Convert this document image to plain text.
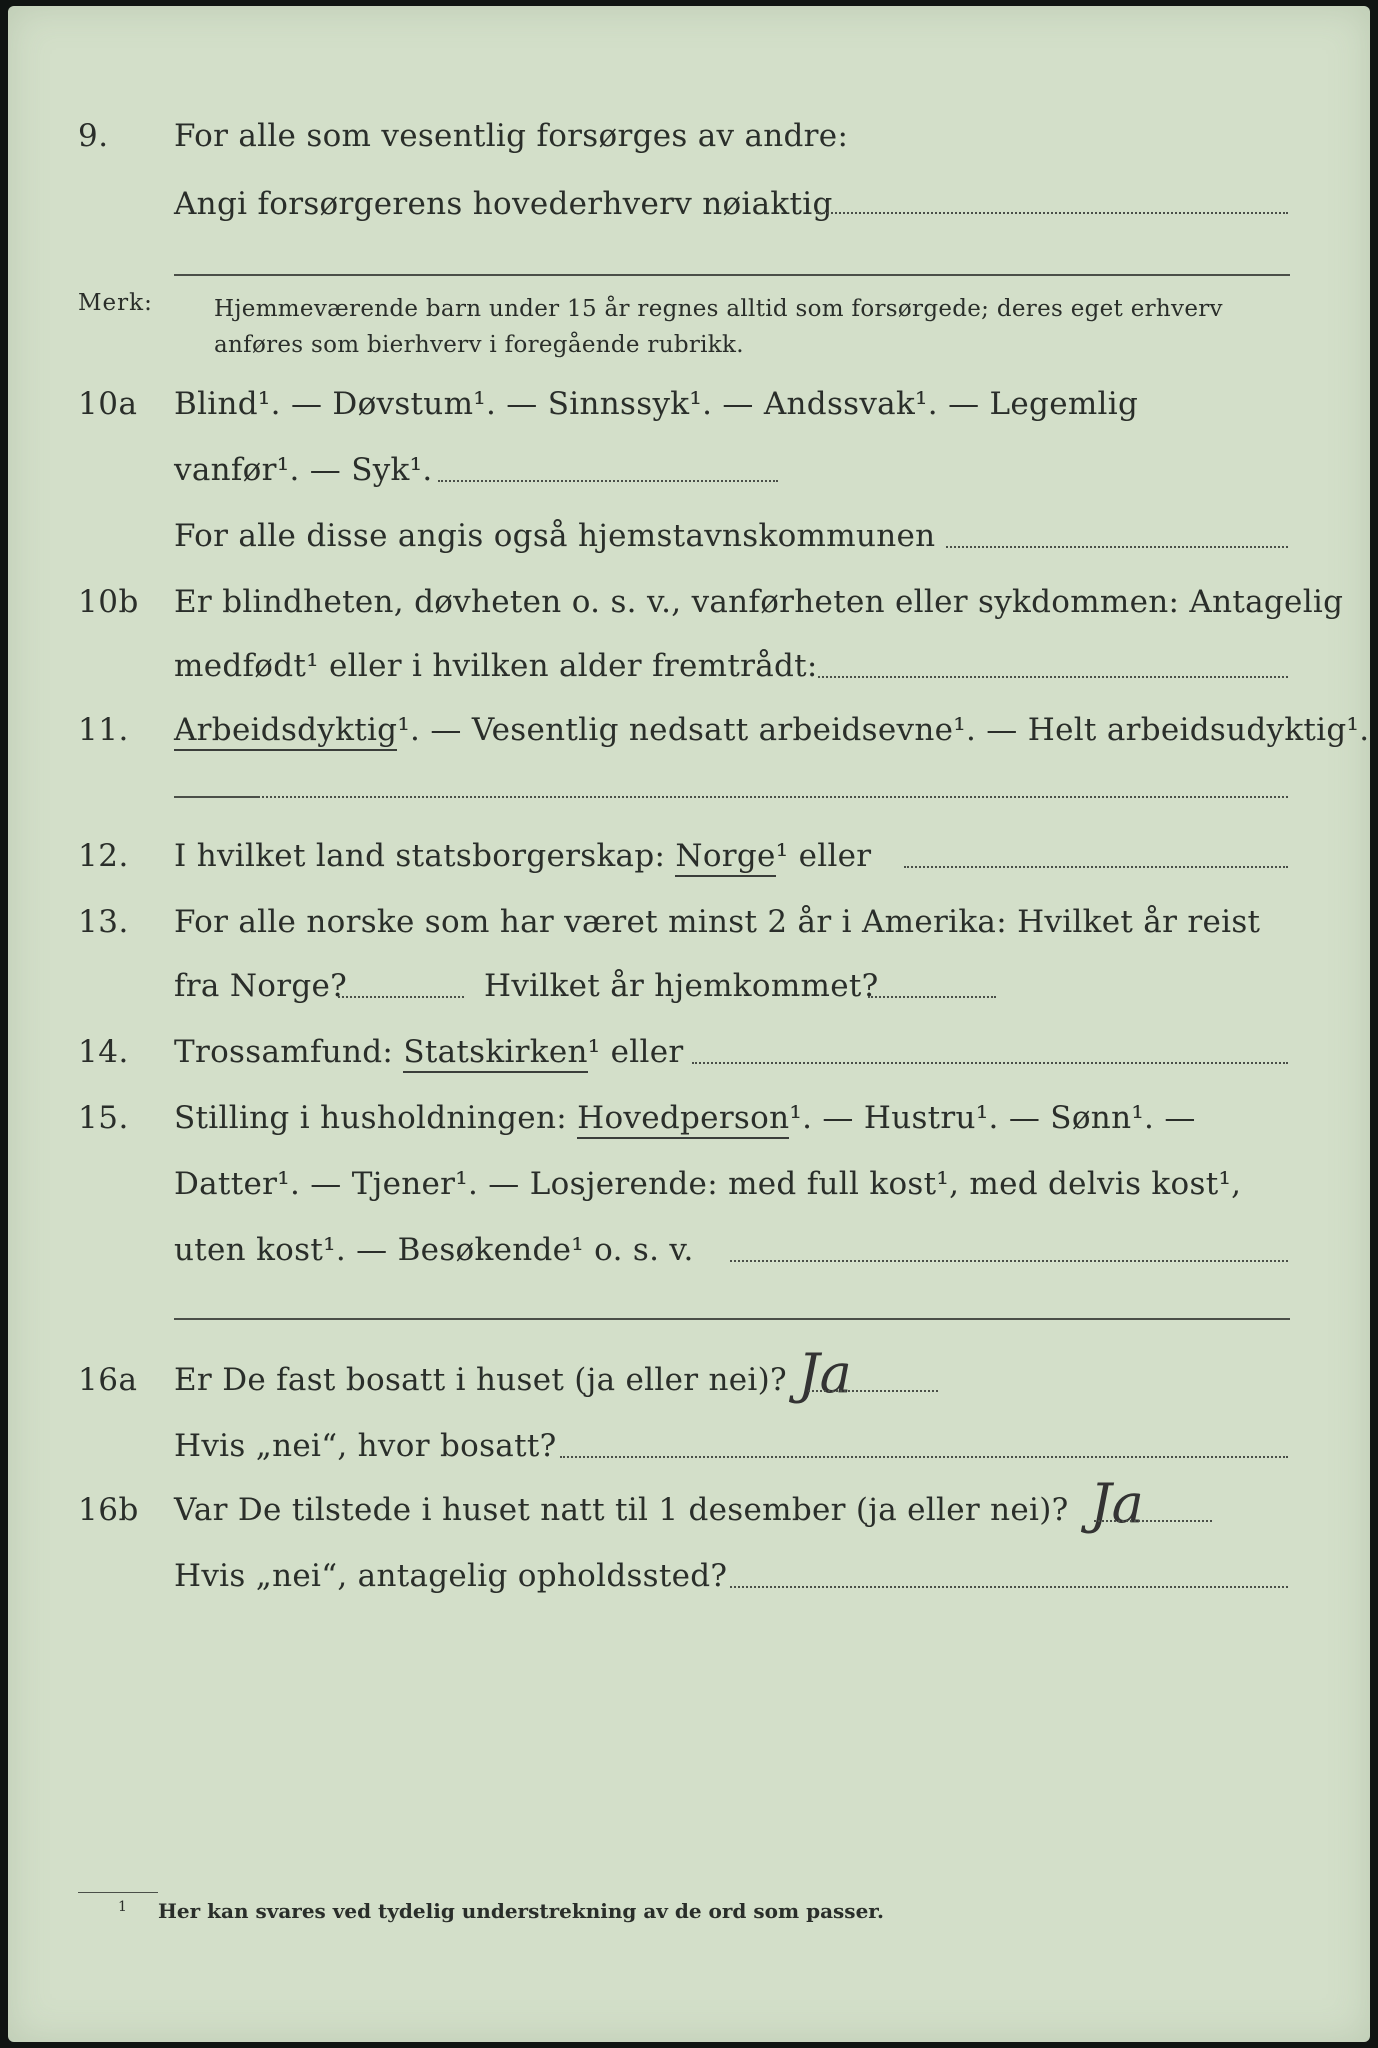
9.	For alle som vesentlig forsørges av andre:
Angi forsørgerens hovederhverv nøiaktig
Merk:	Hjemmeværende barn under 15 år regnes alltid som forsørgede; deres eget erhverv
anføres som bierhverv i foregående rubrikk.
10a	Blind¹. — Døvstum¹. — Sinnssyk¹. — Andssvak¹. — Legemlig
vanfør¹. — Syk¹.
For alle disse angis også hjemstavnskommunen
10b	Er blindheten, døvheten o. s. v., vanførheten eller sykdommen: Antagelig
medfødt¹ eller i hvilken alder fremtrådt:
11.	Arbeidsdyktig¹. — Vesentlig nedsatt arbeidsevne¹. — Helt arbeidsudyktig¹.
12.	I hvilket land statsborgerskap: Norge¹ eller
13.	For alle norske som har været minst 2 år i Amerika: Hvilket år reist
fra Norge?	Hvilket år hjemkommet?
14.	Trossamfund: Statskirken¹ eller
15.	Stilling i husholdningen: Hovedperson¹. — Hustru¹. — Sønn¹. —
Datter¹. — Tjener¹. — Losjerende: med full kost¹, med delvis kost¹,
uten kost¹. — Besøkende¹ o. s. v.
16a	Er De fast bosatt i huset (ja eller nei)? Ja
Hvis „nei“, hvor bosatt?
16b	Var De tilstede i huset natt til 1 desember (ja eller nei)? Ja
Hvis „nei“, antagelig opholdssted?
1 Her kan svares ved tydelig understrekning av de ord som passer.
